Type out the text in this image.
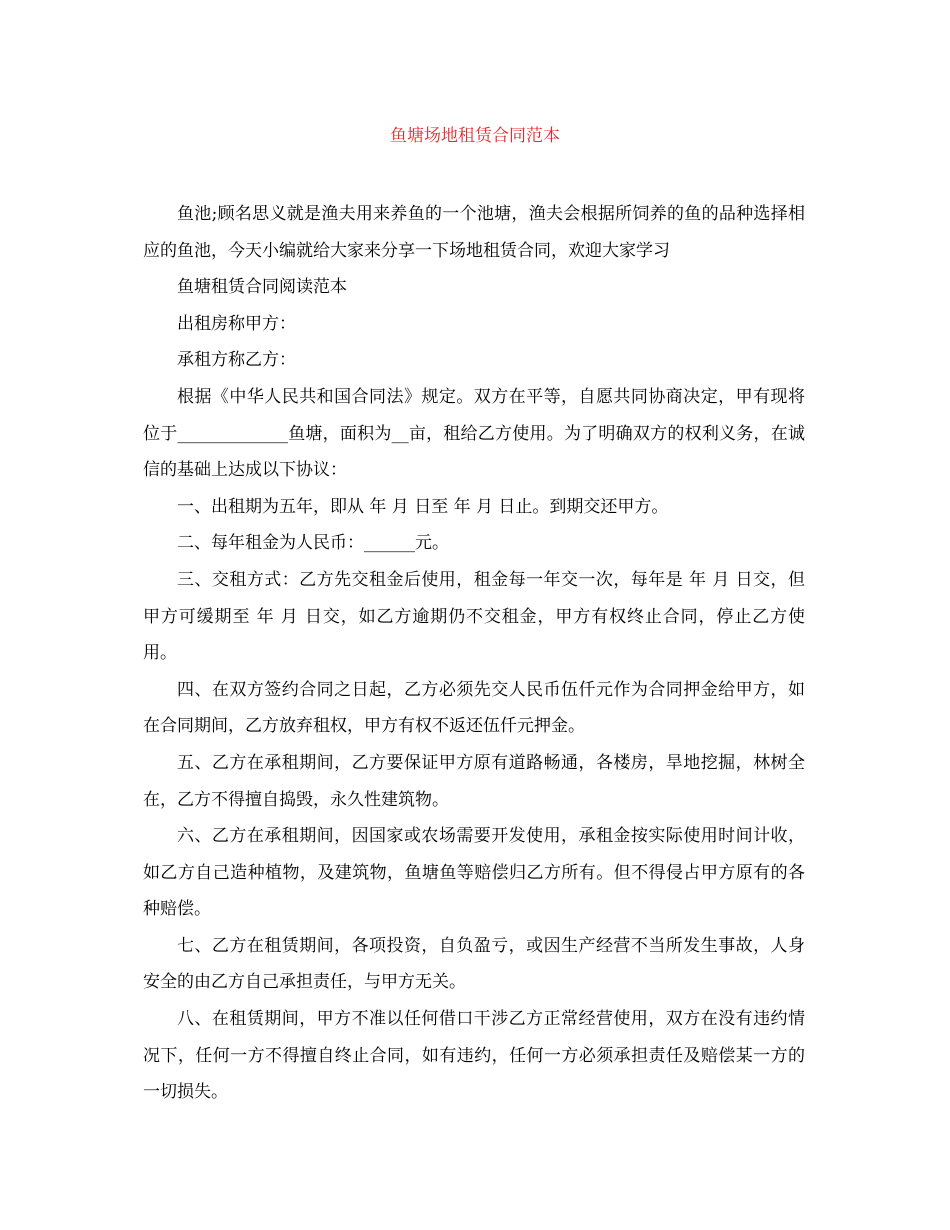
鱼塘场地租赁合同范本

鱼池;顾名思义就是渔夫用来养鱼的一个池塘，渔夫会根据所饲养的鱼的品种选择相应的鱼池，今天小编就给大家来分享一下场地租赁合同，欢迎大家学习

鱼塘租赁合同阅读范本

出租房称甲方：

承租方称乙方：

根据《中华人民共和国合同法》规定。双方在平等，自愿共同协商决定，甲有现将位于_____________鱼塘，面积为__亩，租给乙方使用。为了明确双方的权利义务，在诚信的基础上达成以下协议：

一、出租期为五年，即从 年 月 日至 年 月 日止。到期交还甲方。

二、每年租金为人民币：______元。

三、交租方式：乙方先交租金后使用，租金每一年交一次，每年是 年 月 日交，但甲方可缓期至 年 月 日交，如乙方逾期仍不交租金，甲方有权终止合同，停止乙方使用。

四、在双方签约合同之日起，乙方必须先交人民币伍仟元作为合同押金给甲方，如在合同期间，乙方放弃租权，甲方有权不返还伍仟元押金。

五、乙方在承租期间，乙方要保证甲方原有道路畅通，各楼房，旱地挖掘，林树全在，乙方不得擅自捣毁，永久性建筑物。

六、乙方在承租期间，因国家或农场需要开发使用，承租金按实际使用时间计收，如乙方自己造种植物，及建筑物，鱼塘鱼等赔偿归乙方所有。但不得侵占甲方原有的各种赔偿。

七、乙方在租赁期间，各项投资，自负盈亏，或因生产经营不当所发生事故，人身安全的由乙方自己承担责任，与甲方无关。

八、在租赁期间，甲方不准以任何借口干涉乙方正常经营使用，双方在没有违约情况下，任何一方不得擅自终止合同，如有违约，任何一方必须承担责任及赔偿某一方的一切损失。
